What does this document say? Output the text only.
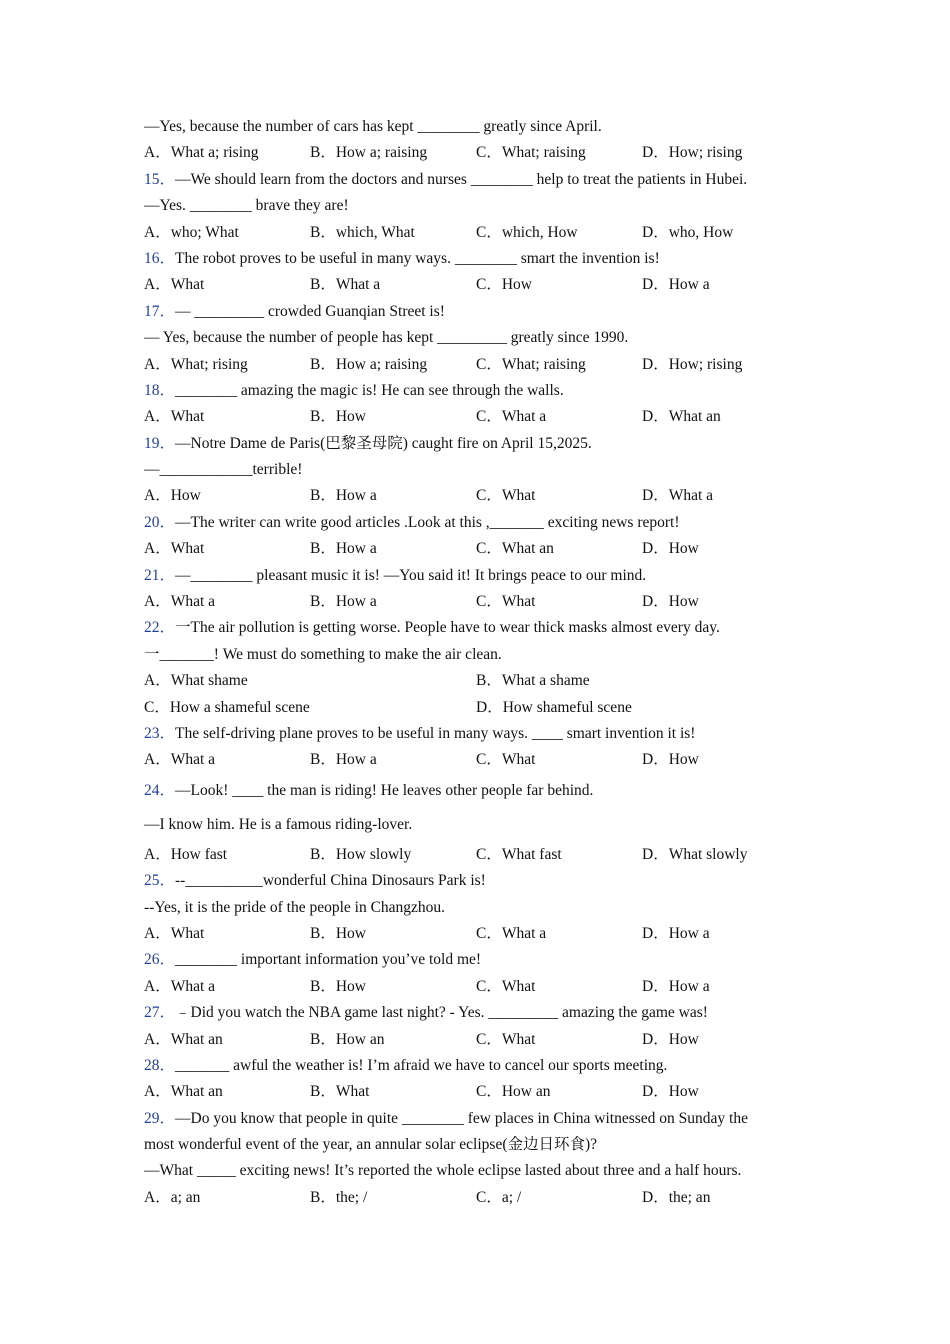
—Yes, because the number of cars has kept ________ greatly since April.
A．What a; rising	B．How a; raising	C．What; raising	D．How; rising
15．—We should learn from the doctors and nurses ________ help to treat the patients in Hubei.
—Yes. ________ brave they are!
A．who; What	B．which, What	C．which, How	D．who, How
16．The robot proves to be useful in many ways. ________ smart the invention is!
A．What	B．What a	C．How	D．How a
17．— _________ crowded Guanqian Street is!
— Yes, because the number of people has kept _________ greatly since 1990.
A．What; rising	B．How a; raising	C．What; raising	D．How; rising
18．________ amazing the magic is! He can see through the walls.
A．What	B．How	C．What a	D．What an
19．—Notre Dame de Paris(巴黎圣母院) caught fire on April 15,2025.
—____________terrible!
A．How	B．How a	C．What	D．What a
20．—The writer can write good articles .Look at this ,_______ exciting news report!
A．What	B．How a	C．What an	D．How
21．—________ pleasant music it is! —You said it! It brings peace to our mind.
A．What a	B．How a	C．What	D．How
22．一The air pollution is getting worse. People have to wear thick masks almost every day.
一_______! We must do something to make the air clean.
A．What shame	B．What a shame
C．How a shameful scene	D．How shameful scene
23．The self-driving plane proves to be useful in many ways. ____ smart invention it is!
A．What a	B．How a	C．What	D．How
24．—Look! ____ the man is riding! He leaves other people far behind.
—I know him. He is a famous riding-lover.
A．How fast	B．How slowly	C．What fast	D．What slowly
25．--__________wonderful China Dinosaurs Park is!
--Yes, it is the pride of the people in Changzhou.
A．What	B．How	C．What a	D．How a
26．________ important information you’ve told me!
A．What a	B．How	C．What	D．How a
27．﹣Did you watch the NBA game last night? - Yes. _________ amazing the game was!
A．What an	B．How an	C．What	D．How
28．_______ awful the weather is! I’m afraid we have to cancel our sports meeting.
A．What an	B．What	C．How an	D．How
29．—Do you know that people in quite ________ few places in China witnessed on Sunday the
most wonderful event of the year, an annular solar eclipse(金边日环食)?
—What _____ exciting news! It’s reported the whole eclipse lasted about three and a half hours.
A．a; an	B．the; /	C．a; /	D．the; an
